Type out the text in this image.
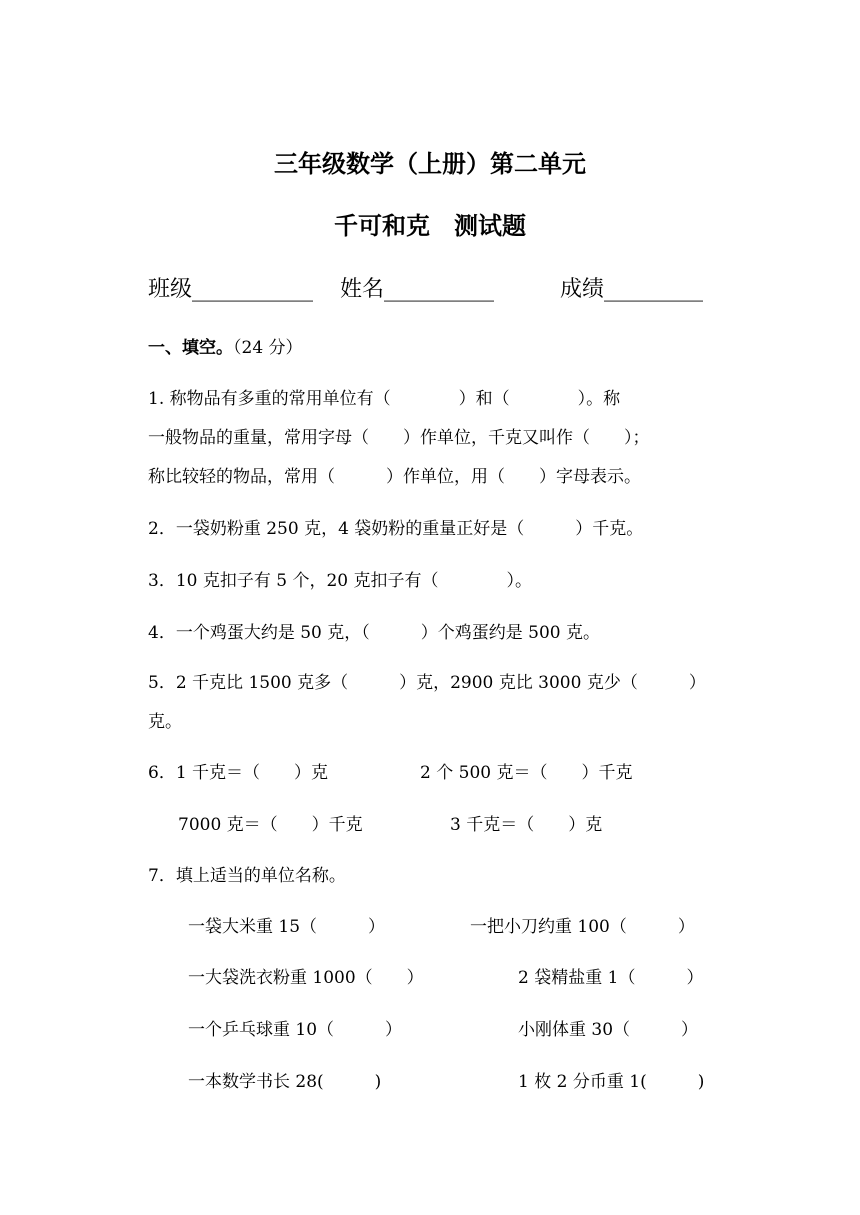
三年级数学（上册）第二单元
千可和克　测试题
班级___________ 姓名__________	成绩_________
一、填空。（24 分）
1. 称物品有多重的常用单位有（　　　　）和（　　　　）。称
一般物品的重量，常用字母（　　）作单位，千克又叫作（　　）；
称比较轻的物品，常用（　　　）作单位，用（　　）字母表示。
2．一袋奶粉重 250 克，4 袋奶粉的重量正好是（　　　）千克。
3．10 克扣子有 5 个，20 克扣子有（　　　　）。
4．一个鸡蛋大约是 50 克，（　　　）个鸡蛋约是 500 克。
5．2 千克比 1500 克多（　　　）克，2900 克比 3000 克少（　　　）
克。
6．1 千克＝（　　）克	2 个 500 克＝（　　）千克
7000 克＝（　　）千克	3 千克＝（　　）克
7．填上适当的单位名称。
一袋大米重 15（　　　）	一把小刀约重 100（　　　）
一大袋洗衣粉重 1000（　　）	2 袋精盐重 1（　　　）
一个乒乓球重 10（　　　）	小刚体重 30（　　　）
一本数学书长 28(　　　)	1 枚 2 分币重 1(　　　)
